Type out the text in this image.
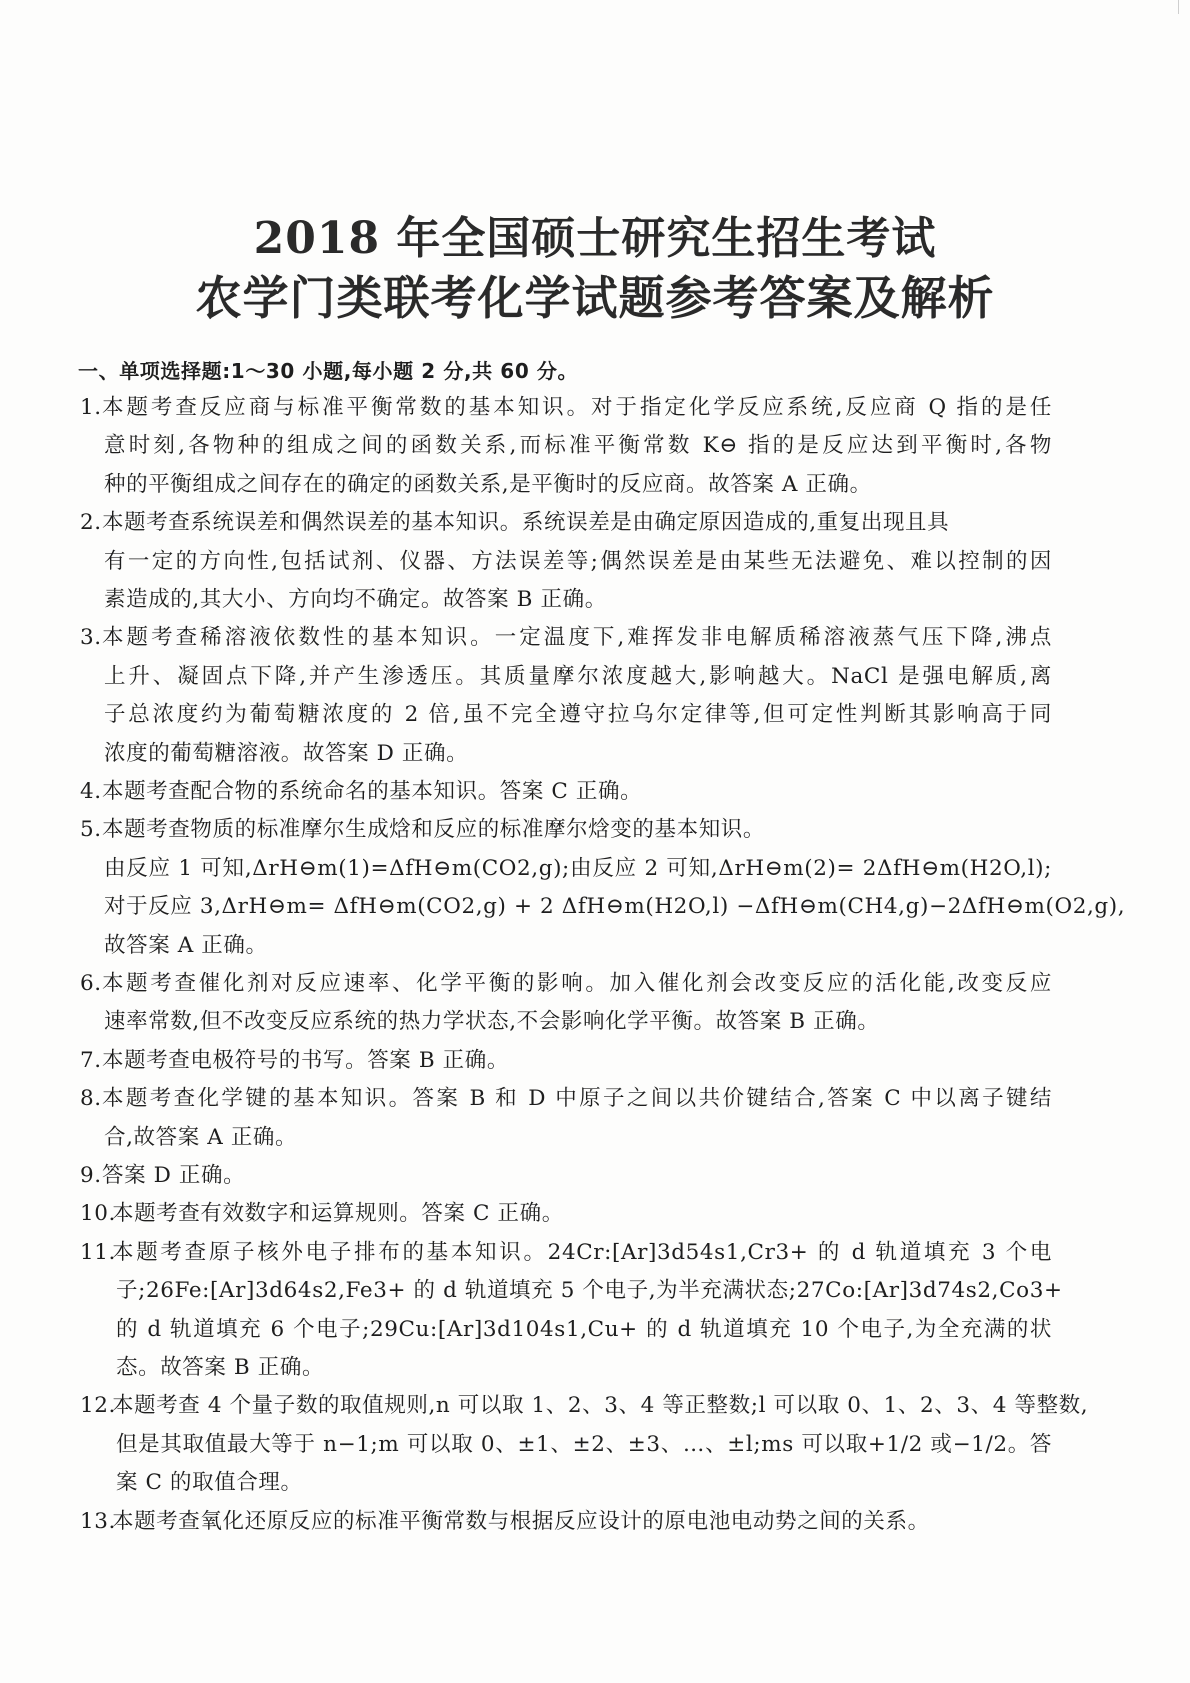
2018 年全国硕士研究生招生考试
农学门类联考化学试题参考答案及解析
一、单项选择题:1～30 小题,每小题 2 分,共 60 分。
1. 本题考查反应商与标准平衡常数的基本知识。对于指定化学反应系统,反应商 Q 指的是任
意时刻,各物种的组成之间的函数关系,而标准平衡常数 K⊖ 指的是反应达到平衡时,各物
种的平衡组成之间存在的确定的函数关系,是平衡时的反应商。故答案 A 正确。
2. 本题考查系统误差和偶然误差的基本知识。系统误差是由确定原因造成的,重复出现且具
有一定的方向性,包括试剂、仪器、方法误差等;偶然误差是由某些无法避免、难以控制的因
素造成的,其大小、方向均不确定。故答案 B 正确。
3. 本题考查稀溶液依数性的基本知识。一定温度下,难挥发非电解质稀溶液蒸气压下降,沸点
上升、凝固点下降,并产生渗透压。其质量摩尔浓度越大,影响越大。NaCl 是强电解质,离
子总浓度约为葡萄糖浓度的 2 倍,虽不完全遵守拉乌尔定律等,但可定性判断其影响高于同
浓度的葡萄糖溶液。故答案 D 正确。
4. 本题考查配合物的系统命名的基本知识。答案 C 正确。
5. 本题考查物质的标准摩尔生成焓和反应的标准摩尔焓变的基本知识。
由反应 1 可知,ΔrH⊖m(1)=ΔfH⊖m(CO2,g);由反应 2 可知,ΔrH⊖m(2)= 2ΔfH⊖m(H2O,l);
对于反应 3,ΔrH⊖m= ΔfH⊖m(CO2,g) + 2 ΔfH⊖m(H2O,l) −ΔfH⊖m(CH4,g)−2ΔfH⊖m(O2,g),
故答案 A 正确。
6. 本题考查催化剂对反应速率、化学平衡的影响。加入催化剂会改变反应的活化能,改变反应
速率常数,但不改变反应系统的热力学状态,不会影响化学平衡。故答案 B 正确。
7. 本题考查电极符号的书写。答案 B 正确。
8. 本题考查化学键的基本知识。答案 B 和 D 中原子之间以共价键结合,答案 C 中以离子键结
合,故答案 A 正确。
9. 答案 D 正确。
10.
本题考查有效数字和运算规则。答案 C 正确。
11.
本题考查原子核外电子排布的基本知识。24Cr:[Ar]3d54s1,Cr3+ 的 d 轨道填充 3 个电
子;26Fe:[Ar]3d64s2,Fe3+ 的 d 轨道填充 5 个电子,为半充满状态;27Co:[Ar]3d74s2,Co3+
的 d 轨道填充 6 个电子;29Cu:[Ar]3d104s1,Cu+ 的 d 轨道填充 10 个电子,为全充满的状
态。故答案 B 正确。
12.
本题考查 4 个量子数的取值规则,n 可以取 1、2、3、4 等正整数;l 可以取 0、1、2、3、4 等整数,
但是其取值最大等于 n−1;m 可以取 0、±1、±2、±3、…、±l;ms 可以取+1/2 或−1/2。答
案 C 的取值合理。
13.
本题考查氧化还原反应的标准平衡常数与根据反应设计的原电池电动势之间的关系。
